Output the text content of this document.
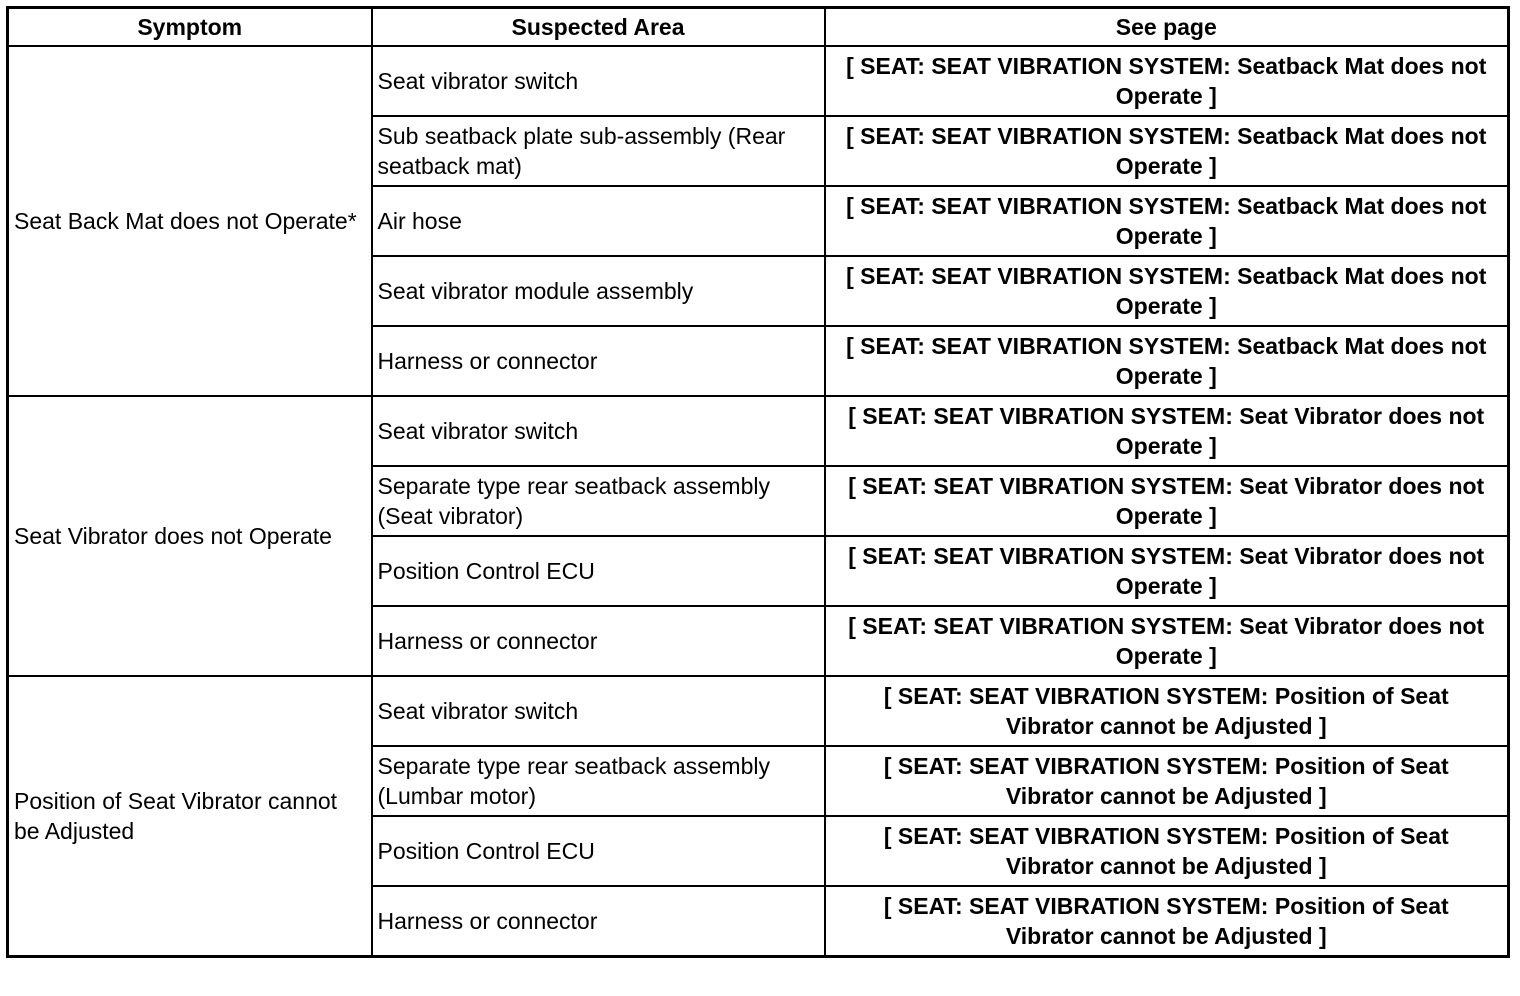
Symptom	Suspected Area	See page
Seat Back Mat does not Operate*	Seat vibrator switch	[ SEAT: SEAT VIBRATION SYSTEM: Seatback Mat does not Operate ]
	Sub seatback plate sub-assembly (Rear seatback mat)	[ SEAT: SEAT VIBRATION SYSTEM: Seatback Mat does not Operate ]
	Air hose	[ SEAT: SEAT VIBRATION SYSTEM: Seatback Mat does not Operate ]
	Seat vibrator module assembly	[ SEAT: SEAT VIBRATION SYSTEM: Seatback Mat does not Operate ]
	Harness or connector	[ SEAT: SEAT VIBRATION SYSTEM: Seatback Mat does not Operate ]
Seat Vibrator does not Operate	Seat vibrator switch	[ SEAT: SEAT VIBRATION SYSTEM: Seat Vibrator does not Operate ]
	Separate type rear seatback assembly (Seat vibrator)	[ SEAT: SEAT VIBRATION SYSTEM: Seat Vibrator does not Operate ]
	Position Control ECU	[ SEAT: SEAT VIBRATION SYSTEM: Seat Vibrator does not Operate ]
	Harness or connector	[ SEAT: SEAT VIBRATION SYSTEM: Seat Vibrator does not Operate ]
Position of Seat Vibrator cannot be Adjusted	Seat vibrator switch	[ SEAT: SEAT VIBRATION SYSTEM: Position of Seat Vibrator cannot be Adjusted ]
	Separate type rear seatback assembly (Lumbar motor)	[ SEAT: SEAT VIBRATION SYSTEM: Position of Seat Vibrator cannot be Adjusted ]
	Position Control ECU	[ SEAT: SEAT VIBRATION SYSTEM: Position of Seat Vibrator cannot be Adjusted ]
	Harness or connector	[ SEAT: SEAT VIBRATION SYSTEM: Position of Seat Vibrator cannot be Adjusted ]
